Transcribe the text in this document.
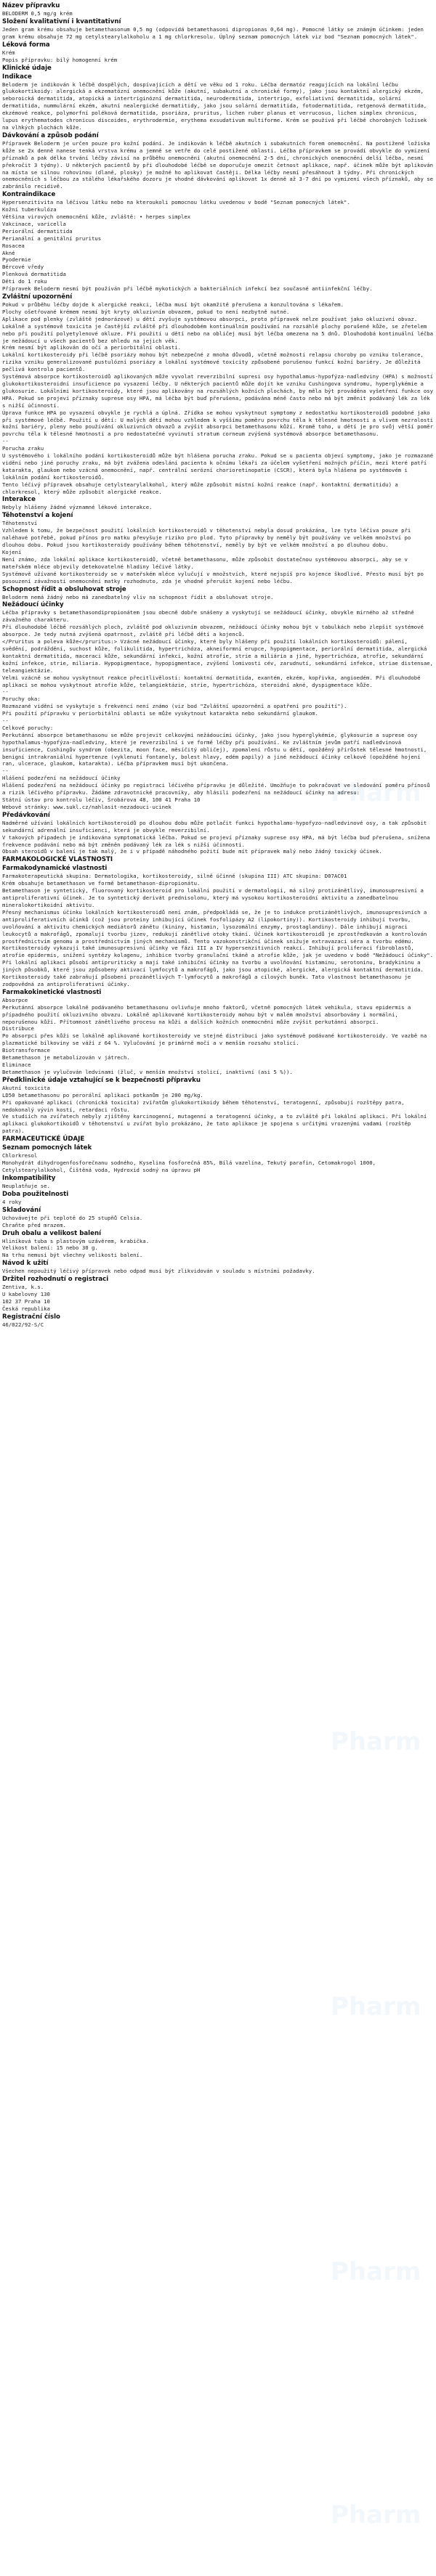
Název přípravku
BELODERM 0,5 mg/g krém
Složení kvalitativní i kvantitativní
Jeden gram krému obsahuje betamethasonum 0,5 mg (odpovídá betamethasoni dipropionas 0,64 mg). Pomocné látky se známým účinkem: jeden gram krému obsahuje 72 mg cetylstearylalkoholu a 1 mg chlorkresolu. Úplný seznam pomocných látek viz bod "Seznam pomocných látek".
Léková forma
Krém
Popis přípravku: bílý homogenní krém
Klinické údaje
Indikace
Beloderm je indikován k léčbě dospělých, dospívajících a dětí ve věku od 1 roku. Léčba dermatóz reagujících na lokální léčbu glukokortikoidy: alergická a ekzematózní onemocnění kůže (akutní, subakutní a chronické formy), jako jsou kontaktní alergický ekzém, seboroická dermatitida, atopická a intertriginózní dermatitida, neurodermitida, intertrigo, exfoliativní dermatitida, solární dermatitida, nummulární ekzém, akutní nealergické dermatitidy, jako jsou solární dermatitida, fotodermatitida, retgenová dermatitida, ekzémové reakce, polymorfní poléková dermatitida, psoriáza, pruritus, lichen ruber planus et verrucosus, lichen simplex chronicus, lupus erythematodes chronicus discoides, erythrodermie, erythema exsudativum multiforme. Krém se používá při léčbě chorobných ložisek na vlhkých plochách kůže.
Dávkování a způsob podání
Přípravek Beloderm je určen pouze pro kožní podání. Je indikován k léčbě akutních i subakutních forem onemocnění. Na postižené ložiska kůže se 2x denně nanese tenká vrstva krému a jemně se vetře do celé postižené oblasti. Léčba přípravkem se provádí obvykle do vymizení příznaků a pak délka trvání léčby závisí na průběhu onemocnění (akutní onemocnění 2-5 dní, chronických onemocnění delší léčba, nesmí překročit 3 týdny). U některých pacientů by při dlouhodobé léčbě se doporučuje omezit četnost aplikace, např. účinek může být aplikován na místa se silnou rohovinou (dlaně, plosky) je možné ho aplikovat častěji. Délka léčby nesmí přesáhnout 3 týdny. Při chronických onemocněních s léčbou za stálého lékařského dozoru je vhodné dávkování aplikovat 1x denně až 3-7 dní po vymizení všech příznaků, aby se zabránilo recidivě.
Kontraindikace
Hypersenzitivita na léčivou látku nebo na kteroukoli pomocnou látku uvedenou v bodě "Seznam pomocných látek".
Kožní tuberkulóza
Většina virových onemocnění kůže, zvláště: • herpes simplex
Vakcinace, varicella
Periorální dermatitida
Perianální a genitální pruritus
Rosacea
Akné
Pyodermie
Běrcové vředy
Plenková dermatitida
Děti do 1 roku
Přípravek Beloderm nesmí být používán při léčbě mykotických a bakteriálních infekcí bez současné antiinfekční léčby.
Zvláštní upozornění
Pokud v průběhu léčby dojde k alergické reakci, léčba musí být okamžitě přerušena a konzultována s lékařem.
Plochy ošetřované krémem nesmí být kryty okluzivním obvazem, pokud to není nezbytně nutné.
Aplikace pod plenky (zvláště jednorázové) u dětí zvyšuje systémovou absorpci, proto přípravek nelze používat jako okluzivní obvaz.
Lokálně a systémově toxicita je častější zvláště při dlouhodobém kontinuálním používání na rozsáhlé plochy porušené kůže, se zřetelem nebo při použití polyetylenové okluze. Při použití u dětí nebo na obličej musí být léčba omezena na 5 dnů. Dlouhodobá kontinuální léčba je nežádoucí u všech pacientů bez ohledu na jejich věk.
Krém nesmí být aplikován do očí a periorbitální oblasti.
Lokální kortikosteroidy při léčbě psoriázy mohou být nebezpečné z mnoha důvodů, včetně možnosti relapsu choroby po vzniku tolerance, rizika vzniku generalizované pustulózní psoriázy a lokální systémové toxicity způsobené porušenou funkcí kožní bariéry. Je důležitá pečlivá kontrola pacientů.
Systémová absorpce kortikosteroidů aplikovaných může vyvolat reverzibilní supresi osy hypothalamus-hypofýza-nadledviny (HPA) s možností glukokortikosteroidní insuficience po vysazení léčby. U některých pacientů může dojít ke vzniku Cushingova syndromu, hyperglykémie a glukosurie. Lokálními kortikosteroidy, které jsou aplikovány na rozsáhlých kožních plochách, by měla být prováděna vyšetření funkce osy HPA. Pokud se projeví příznaky suprese osy HPA, má léčba být buď přerušena, podávána méně často nebo má být změnit podávaný lék za lék s nižší účinností.
Úprava funkce HPA po vysazení obvykle je rychlá a úplná. Zřídka se mohou vyskytnout symptomy z nedostatku kortikosteroidů podobné jako při systémové léčbě. Použití u dětí: U malých dětí mohou vzhledem k vyššímu poměru povrchu těla k tělesné hmotnosti a vlivem nezralosti kožní bariéry, pleny nebo používání okluzivních obvazů a zvýšit absorpci betamethasonu kůží. Kromě toho, u dětí je pro svůj větší poměr povrchu těla k tělesné hmotnosti a pro nedostatečné vyvinutí stratum corneum zvýšená systémová absorpce betamethasonu.
--
Porucha zraku
U systémového i lokálního podání kortikosteroidů může být hlášena porucha zraku. Pokud se u pacienta objeví symptomy, jako je rozmazané vidění nebo jiné poruchy zraku, má být zvážena odeslání pacienta k očnímu lékaři za účelem vyšetření možných příčin, mezi které patří katarakta, glaukom nebo vzácná onemocnění, např. centrální serózní chorioretinopatie (CSCR), která byla hlášena po systémovém i lokálním podání kortikosteroidů.
Tento léčivý přípravek obsahuje cetylstearylalkohol, který může způsobit místní kožní reakce (např. kontaktní dermatitidu) a chlorkresol, který může způsobit alergické reakce.
Interakce
Nebyly hlášeny žádné významné lékové interakce.
Těhotenství a kojení
Těhotenství
Vzhledem k tomu, že bezpečnost použití lokálních kortikosteroidů v těhotenství nebyla dosud prokázána, lze tyto léčiva pouze při naléhavé potřebě, pokud přínos pro matku převyšuje riziko pro plod. Tyto přípravky by neměly být používány ve velkém množství po dlouhou dobu. Pokud jsou kortikosteroidy používány během těhotenství, neměly by být ve velkém množství a po dlouhou dobu.
Kojení
Není známo, zda lokální aplikace kortikosteroidů, včetně betamethasonu, může způsobit dostatečnou systémovou absorpci, aby se v mateřském mléce objevily detekovatelné hladiny léčivé látky.
Systémově užívané kortikosteroidy se v mateřském mléce vylučují v množstvích, které nejspíš pro kojence škodlivé. Přesto musí být po posouzení závažnosti onemocnění matky rozhodnuto, zda je vhodné přerušit kojení nebo léčbu.
Schopnost řídit a obsluhovat stroje
Beloderm nemá žádný nebo má zanedbatelný vliv na schopnost řídit a obsluhovat stroje.
Nežádoucí účinky
Léčba přípravky s betamethasondipropionátem jsou obecně dobře snášeny a vyskytují se nežádoucí účinky, obvykle mírného až středně závažného charakteru.
Při dlouhodobé léčbě rozsáhlých ploch, zvláště pod okluzivním obvazem, nežádoucí účinky mohou být v tabulkách nebo zlepšit systémové absorpce. Je tedy nutná zvýšená opatrnost, zvláště při léčbě dětí a kojenců.
</Pruritus a poleva kůže</pruritus:> Vzácné nežádoucí účinky, které byly hlášeny při použití lokálních kortikosteroidů: pálení, svědění, podráždění, suchost kůže, folikulitida, hypertrichóza, akneiformní erupce, hypopigmentace, periorální dermatitida, alergická kontaktní dermatitida, maceraci kůže, sekundární infekci, kožní atrofie, strie a miliária a jiné, hypertrichóza, atrofie, sekundární kožní infekce, strie, miliaria. Hypopigmentace, hypopigmentace, zvýšení lomivosti cév, zarudnutí, sekundární infekce, striae distensae, teleangiektázie.
Velmi vzácně se mohou vyskytnout reakce přecitlivělosti: kontaktní dermatitida, exantém, ekzém, kopřivka, angioedém. Při dlouhodobé aplikaci se mohou vyskytnout atrofie kůže, telangiektázie, strie, hypertrichóza, steroidní akné, dyspigmentace kůže.
--
Poruchy oka:
Rozmazané vidění se vyskytuje s frekvencí není známo (viz bod "Zvláštní upozornění a opatření pro použití").
Při použití přípravku v periorbitální oblasti se může vyskytnout katarakta nebo sekundární glaukom.
--
Celkové poruchy:
Perkutánní absorpce betamethasonu se může projevit celkovými nežádoucími účinky, jako jsou hyperglykémie, glykosurie a suprese osy hypothalamus-hypofýza-nadledviny, které je reverzibilní i ve formě léčby při používání. Ke zvláštním jevům patří nadledvinová insuficience, Cushingův syndrom (obezita, moon face, měsíčitý obličej), zpomalení růstu u dětí, opožděný přírůstek tělesné hmotnosti, benigní intrakraniální hypertenze (vyklenutí fontanely, bolest hlavy, edém papily) a jiné nežádoucí účinky celkové (opožděné hojení ran, ulcerace, glaukom, katarakta). Léčba přípravkem musí být ukončena.
--
Hlášení podezření na nežádoucí účinky
Hlášení podezření na nežádoucí účinky po registraci léčivého přípravku je důležité. Umožňuje to pokračovat ve sledování poměru přínosů a rizik léčivého přípravku. Žádáme zdravotnické pracovníky, aby hlásili podezření na nežádoucí účinky na adresu:
Státní ústav pro kontrolu léčiv, Šrobárova 48, 100 41 Praha 10
Webové stránky: www.sukl.cz/nahlasit-nezadouci-ucinek
Předávkování
Nadměrné užívání lokálních kortikosteroidů po dlouhou dobu může potlačit funkci hypothalamo-hypofyzo-nadledvinové osy, a tak způsobit sekundární adrenální insuficienci, která je obvykle reverzibilní.
V takových případech je indikována symptomatická léčba. Pokud se projeví příznaky suprese osy HPA, má být léčba buď přerušena, snížena frekvence podávání nebo má být změněn podávaný lék za lék s nižší účinností.
Obsah steroidů v balení je tak malý, že i v případě náhodného požití bude mít přípravek malý nebo žádný toxický účinek.
FARMAKOLOGICKÉ VLASTNOSTI
Farmakodynamické vlastnosti
Farmakoterapeutická skupina: Dermatologika, kortikosteroidy, silně účinné (skupina III) ATC skupina: D07AC01
Krém obsahuje betamethason ve formě betamethason-dipropionátu.
Betamethason je syntetický, fluorovaný kortikosteroid pro lokální použití v dermatologii, má silný protizánětlivý, imunosupresivní a antiproliferativní účinek. Je to syntetický derivát prednisolonu, který má vysokou kortikosteroidní aktivitu a zanedbatelnou mineralokortikoidní aktivitu.
Přesný mechanismus účinku lokálních kortikosteroidů není znám, předpokládá se, že je to indukce protizánětlivých, imunosupresivních a antiproliferativních účinků (což jsou proteiny inhibující účinek fosfolipázy A2 (lipokortiny)). Kortikosteroidy inhibují tvorbu, uvolňování a aktivitu chemických mediátorů zánětu (kininy, histamin, lysozomální enzymy, prostaglandiny). Dále inhibují migraci leukocytů a makrofágů, zpomalují tvorbu jizev, redukují zánětlivé otoky tkání. Účinek kortikosteroidů je zprostředkován a kontrolován prostřednictvím genomu a prostřednictvím jiných mechanismů. Tento vazokonstrikční účinek snižuje extravazaci séra a tvorbu edému. Kortikosteroidy vykazují také imunosupresivní účinky ve fázi III a IV hypersenzitivních reakcí. Inhibují proliferaci fibroblastů, atrofie epidermis, snížení syntézy kolagenu, inhibice tvorby granulační tkáně a atrofie kůže, jak je uvedeno v bodě "Nežádoucí účinky". Při lokální aplikaci působí antipruriticky a mají také inhibiční účinky na tvorbu a uvolňování histaminu, serotoninu, bradykininu a jiných působků, které jsou způsobeny aktivací lymfocytů a makrofágů, jako jsou atopické, alergické, alergická kontaktní dermatitida. Kortikosteroidy také zabraňují působení prozánětlivých T-lymfocytů a makrofágů a cílových buněk. Tato vlastnost betamethasonu je zodpovědná za antiproliferativní účinky.
Farmakokinetické vlastnosti
Absorpce
Perkutánní absorpce lokálně podávaného betamethasonu ovlivňuje mnoho faktorů, včetně pomocných látek vehikula, stavu epidermis a případného použití okluzivního obvazu. Lokálně aplikované kortikosteroidy mohou být v malém množství absorbovány i normální, neporušenou kůží. Přítomnost zánětlivého procesu na kůži a dalších kožních onemocnění může zvýšit perkutánní absorpci.
Distribuce
Po absorpci přes kůži se lokálně aplikované kortikosteroidy ve stejné distribuci jako systémově podávané kortikosteroidy. Ve vazbě na plazmatické bílkoviny se váží z 64 %. Vylučování je primárně močí a v menším rozsahu stolicí.
Biotransformace
Betamethason je metabolizován v játrech.
Eliminace
Betamethason je vylučován ledvinami (žluč, v menším množství stolicí, inaktivní (asi 5 %)).
Předklinické údaje vztahující se k bezpečnosti přípravku
Akutní toxicita
LD50 betamethasonu po perorální aplikaci potkanům je 200 mg/kg.
Při opakované aplikaci (chronická toxicita) zvířatům glukokortikoidy během těhotenství, teratogenní, způsobují rozštěpy patra, nedokonalý vývin kostí, retardaci růstu.
Ve studiích na zvířatech nebyly zjištěny karcinogenní, mutagenní a teratogenní účinky, a to zvláště při lokální aplikaci. Při lokální aplikaci glukokortikoidů v těhotenství u zvířat bylo prokázáno, že tato aplikace je spojena s určitými vrozenými vadami (rozštěp patra).
FARMACEUTICKÉ ÚDAJE
Seznam pomocných látek
Chlorkresol
Monohydrát dihydrogenfosforečnanu sodného, Kyselina fosforečná 85%, Bílá vazelína, Tekutý parafin, Cetomakrogol 1000, Cetylstearylalkohol, Čištěná voda, Hydroxid sodný na úpravu pH
Inkompatibility
Neuplatňuje se.
Doba použitelnosti
4 roky
Skladování
Uchovávejte při teplotě do 25 stupňů Celsia.
Chraňte před mrazem.
Druh obalu a velikost balení
Hliníková tuba s plastovým uzávěrem, krabička.
Velikost balení: 15 nebo 30 g.
Na trhu nemusí být všechny velikosti balení.
Návod k užití
Všechen nepoužitý léčivý přípravek nebo odpad musí být zlikvidován v souladu s místními požadavky.
Držitel rozhodnutí o registraci
Zentiva, k.s.
U kabelovny 130
102 37 Praha 10
Česká republika
Registrační číslo
46/022/92-S/C
Pharm
Pharm
Pharm
Pharm
Pharm
